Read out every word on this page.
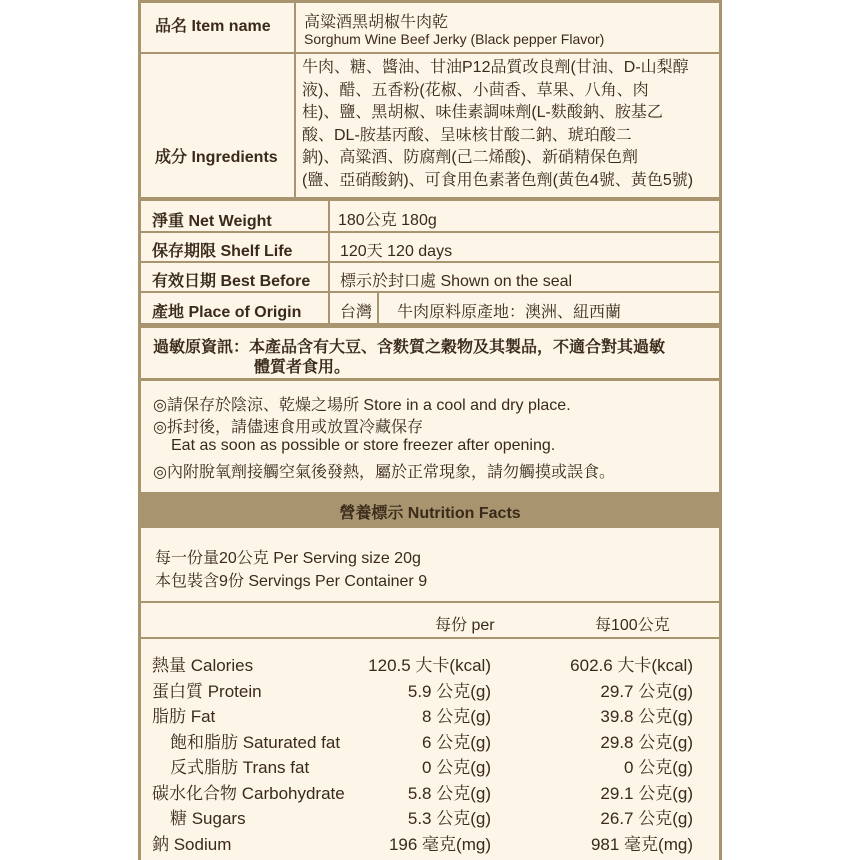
品名 Item name 高粱酒黑胡椒牛肉乾
Sorghum Wine Beef Jerky (Black pepper Flavor)
成分 Ingredients
牛肉、糖、醬油、甘油P12品質改良劑(甘油、D-山梨醇
液)、醋、五香粉(花椒、小茴香、草果、八角、肉
桂)、鹽、黑胡椒、味佳素調味劑(L-麩酸鈉、胺基乙
酸、DL-胺基丙酸、呈味核甘酸二鈉、琥珀酸二
鈉)、高粱酒、防腐劑(己二烯酸)、新硝精保色劑
(鹽、亞硝酸鈉)、可食用色素著色劑(黃色4號、黃色5號)
淨重 Net Weight	180公克 180g
保存期限 Shelf Life	120天 120 days
有效日期 Best Before 標示於封口處 Shown on the seal
產地 Place of Origin 台灣 牛肉原料原產地：澳洲、紐西蘭
過敏原資訊：本產品含有大豆、含麩質之穀物及其製品，不適合對其過敏
體質者食用。
◎請保存於陰涼、乾燥之場所 Store in a cool and dry place.
◎拆封後，請儘速食用或放置冷藏保存
Eat as soon as possible or store freezer after opening.
◎內附脫氧劑接觸空氣後發熱，屬於正常現象，請勿觸摸或誤食。
營養標示 Nutrition Facts
每一份量20公克 Per Serving size 20g
本包裝含9份 Servings Per Container 9
每份 per	每100公克
熱量 Calories	120.5 大卡(kcal)	602.6 大卡(kcal)
蛋白質 Protein	5.9 公克(g)	29.7 公克(g)
脂肪 Fat	8 公克(g)	39.8 公克(g)
飽和脂肪 Saturated fat	6 公克(g)	29.8 公克(g)
反式脂肪 Trans fat	0 公克(g)	0 公克(g)
碳水化合物 Carbohydrate	5.8 公克(g)	29.1 公克(g)
糖 Sugars	5.3 公克(g)	26.7 公克(g)
鈉 Sodium	196 毫克(mg)	981 毫克(mg)
